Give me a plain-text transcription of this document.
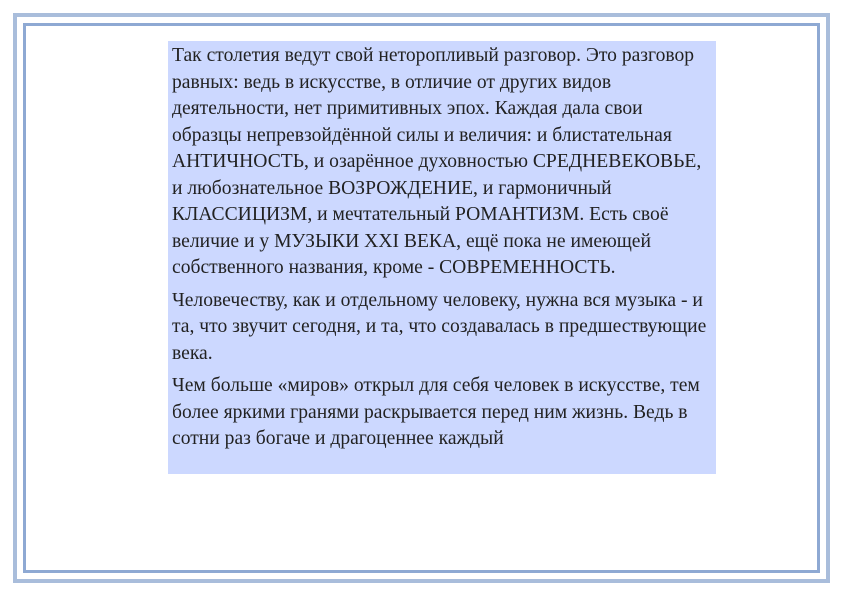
Так столетия ведут свой неторопливый разговор. Это разговор равных: ведь в искусстве, в отличие от других видов деятельности, нет примитивных эпох. Каждая дала свои образцы непревзойдённой силы и величия: и блистательная АНТИЧНОСТЬ, и озарённое духовностью СРЕДНЕВЕКОВЬЕ, и любознательное ВОЗРОЖДЕНИЕ, и гармоничный КЛАССИЦИЗМ, и мечтательный РОМАНТИЗМ. Есть своё величие и у МУЗЫКИ XXI ВЕКА, ещё пока не имеющей собственного названия, кроме - СОВРЕМЕННОСТЬ.

Человечеству, как и отдельному человеку, нужна вся музыка - и та, что звучит сегодня, и та, что создавалась в предшествующие века.

Чем больше «миров» открыл для себя человек в искусстве, тем более яркими гранями раскрывается перед ним жизнь. Ведь в сотни раз богаче и драгоценнее каждый
